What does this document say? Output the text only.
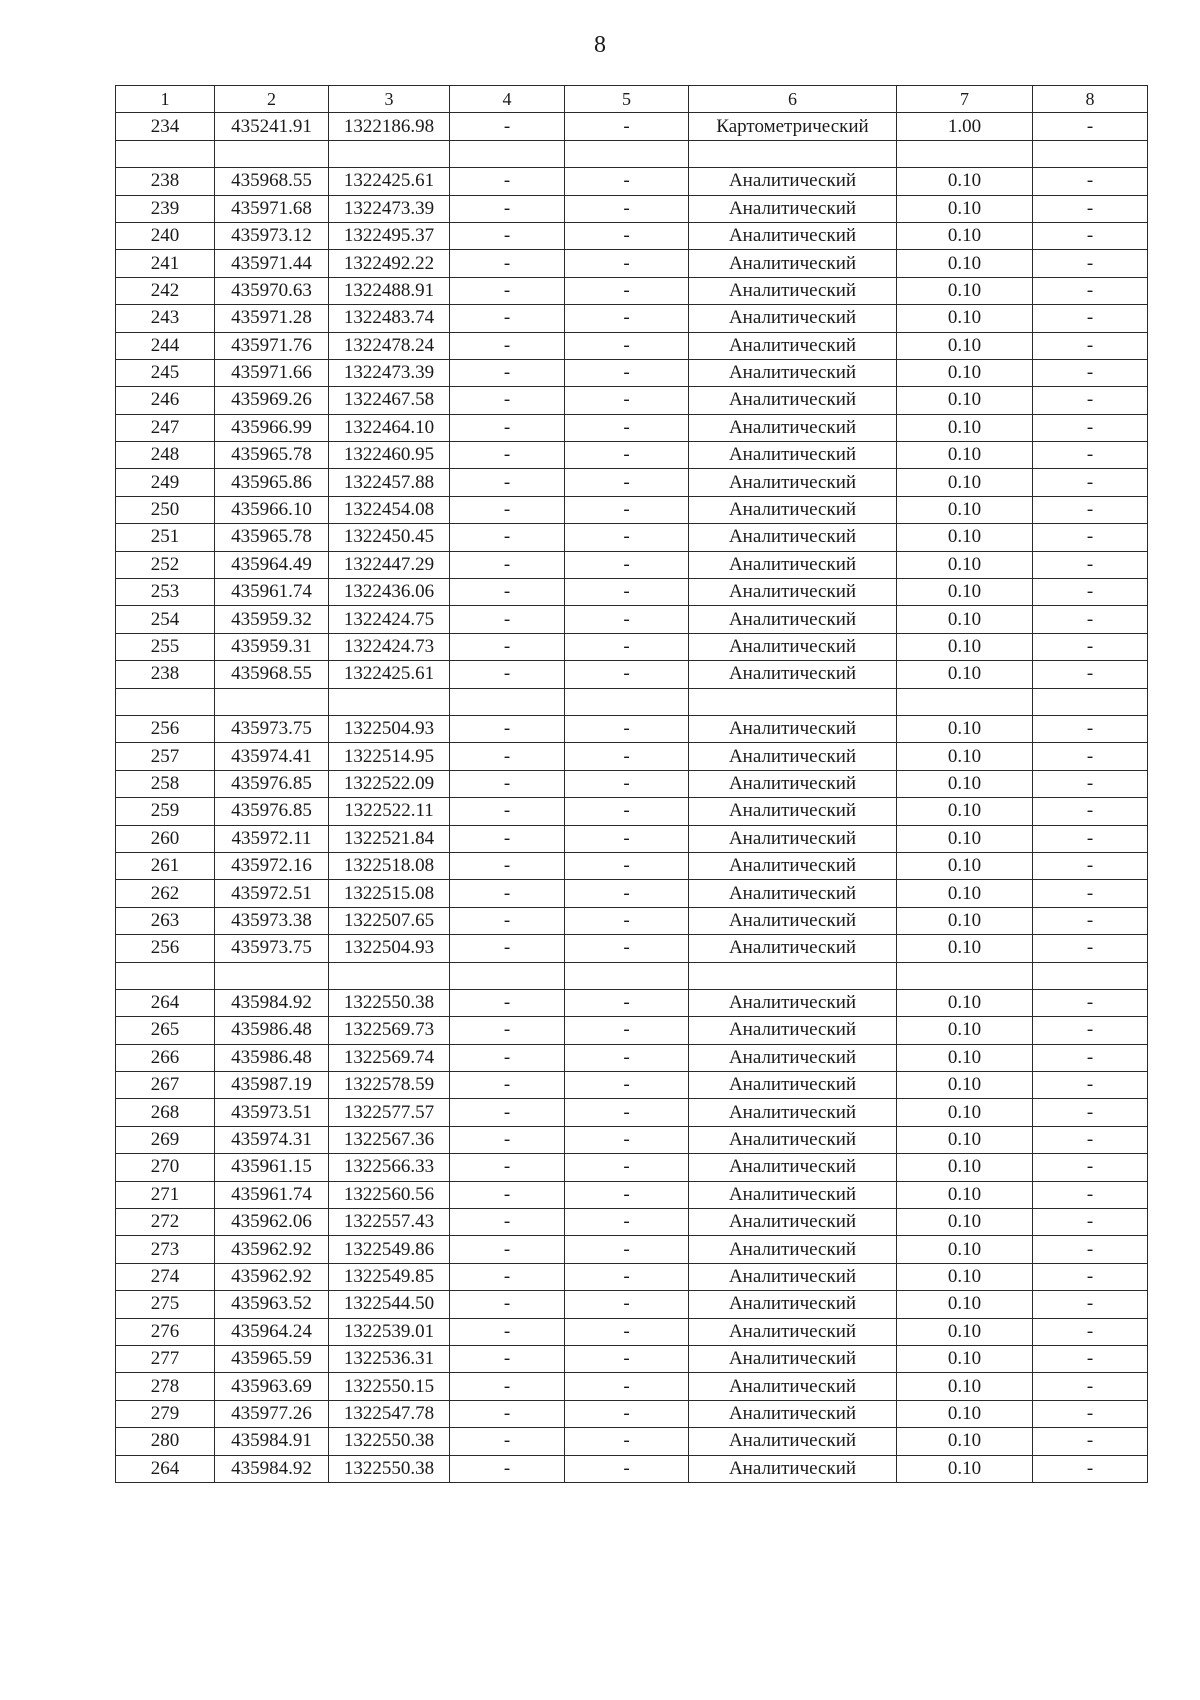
8
1	2	3	4	5	6	7	8
234	435241.91	1322186.98	-	-	Картометрический	1.00	-

238	435968.55	1322425.61	-	-	Аналитический	0.10	-
239	435971.68	1322473.39	-	-	Аналитический	0.10	-
240	435973.12	1322495.37	-	-	Аналитический	0.10	-
241	435971.44	1322492.22	-	-	Аналитический	0.10	-
242	435970.63	1322488.91	-	-	Аналитический	0.10	-
243	435971.28	1322483.74	-	-	Аналитический	0.10	-
244	435971.76	1322478.24	-	-	Аналитический	0.10	-
245	435971.66	1322473.39	-	-	Аналитический	0.10	-
246	435969.26	1322467.58	-	-	Аналитический	0.10	-
247	435966.99	1322464.10	-	-	Аналитический	0.10	-
248	435965.78	1322460.95	-	-	Аналитический	0.10	-
249	435965.86	1322457.88	-	-	Аналитический	0.10	-
250	435966.10	1322454.08	-	-	Аналитический	0.10	-
251	435965.78	1322450.45	-	-	Аналитический	0.10	-
252	435964.49	1322447.29	-	-	Аналитический	0.10	-
253	435961.74	1322436.06	-	-	Аналитический	0.10	-
254	435959.32	1322424.75	-	-	Аналитический	0.10	-
255	435959.31	1322424.73	-	-	Аналитический	0.10	-
238	435968.55	1322425.61	-	-	Аналитический	0.10	-

256	435973.75	1322504.93	-	-	Аналитический	0.10	-
257	435974.41	1322514.95	-	-	Аналитический	0.10	-
258	435976.85	1322522.09	-	-	Аналитический	0.10	-
259	435976.85	1322522.11	-	-	Аналитический	0.10	-
260	435972.11	1322521.84	-	-	Аналитический	0.10	-
261	435972.16	1322518.08	-	-	Аналитический	0.10	-
262	435972.51	1322515.08	-	-	Аналитический	0.10	-
263	435973.38	1322507.65	-	-	Аналитический	0.10	-
256	435973.75	1322504.93	-	-	Аналитический	0.10	-

264	435984.92	1322550.38	-	-	Аналитический	0.10	-
265	435986.48	1322569.73	-	-	Аналитический	0.10	-
266	435986.48	1322569.74	-	-	Аналитический	0.10	-
267	435987.19	1322578.59	-	-	Аналитический	0.10	-
268	435973.51	1322577.57	-	-	Аналитический	0.10	-
269	435974.31	1322567.36	-	-	Аналитический	0.10	-
270	435961.15	1322566.33	-	-	Аналитический	0.10	-
271	435961.74	1322560.56	-	-	Аналитический	0.10	-
272	435962.06	1322557.43	-	-	Аналитический	0.10	-
273	435962.92	1322549.86	-	-	Аналитический	0.10	-
274	435962.92	1322549.85	-	-	Аналитический	0.10	-
275	435963.52	1322544.50	-	-	Аналитический	0.10	-
276	435964.24	1322539.01	-	-	Аналитический	0.10	-
277	435965.59	1322536.31	-	-	Аналитический	0.10	-
278	435963.69	1322550.15	-	-	Аналитический	0.10	-
279	435977.26	1322547.78	-	-	Аналитический	0.10	-
280	435984.91	1322550.38	-	-	Аналитический	0.10	-
264	435984.92	1322550.38	-	-	Аналитический	0.10	-
